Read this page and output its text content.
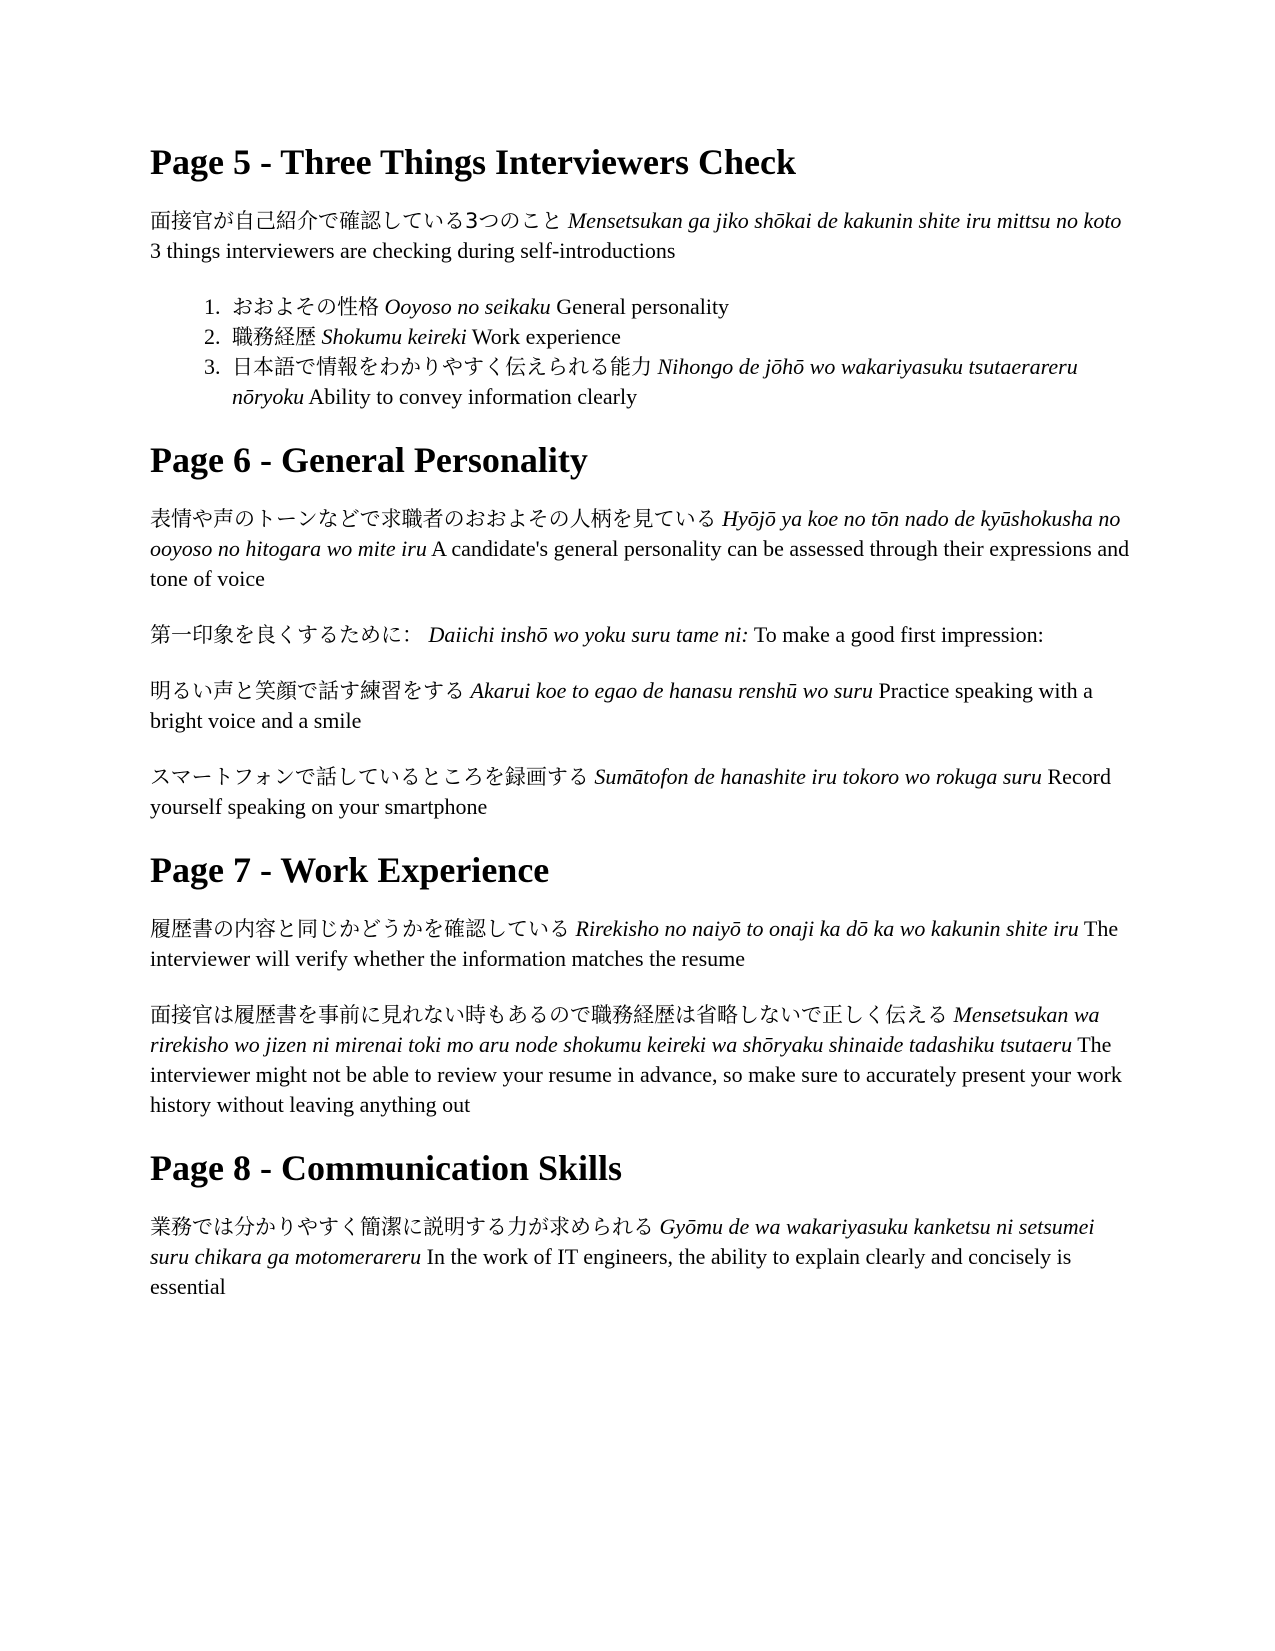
Page 5 - Three Things Interviewers Check

面接官が自己紹介で確認している3つのこと Mensetsukan ga jiko shōkai de kakunin shite iru mittsu no koto 3 things interviewers are checking during self-introductions

1. おおよその性格 Ooyoso no seikaku General personality
2. 職務経歴 Shokumu keireki Work experience
3. 日本語で情報をわかりやすく伝えられる能力 Nihongo de jōhō wo wakariyasuku tsutaerareru nōryoku Ability to convey information clearly
Page 6 - General Personality

表情や声のトーンなどで求職者のおおよその人柄を見ている Hyōjō ya koe no tōn nado de kyūshokusha no ooyoso no hitogara wo mite iru A candidate's general personality can be assessed through their expressions and tone of voice

第一印象を良くするために： Daiichi inshō wo yoku suru tame ni: To make a good first impression:

明るい声と笑顔で話す練習をする Akarui koe to egao de hanasu renshū wo suru Practice speaking with a bright voice and a smile

スマートフォンで話しているところを録画する Sumātofon de hanashite iru tokoro wo rokuga suru Record yourself speaking on your smartphone

Page 7 - Work Experience

履歴書の内容と同じかどうかを確認している Rirekisho no naiyō to onaji ka dō ka wo kakunin shite iru The interviewer will verify whether the information matches the resume

面接官は履歴書を事前に見れない時もあるので職務経歴は省略しないで正しく伝える Mensetsukan wa rirekisho wo jizen ni mirenai toki mo aru node shokumu keireki wa shōryaku shinaide tadashiku tsutaeru The interviewer might not be able to review your resume in advance, so make sure to accurately present your work history without leaving anything out

Page 8 - Communication Skills

業務では分かりやすく簡潔に説明する力が求められる Gyōmu de wa wakariyasuku kanketsu ni setsumei suru chikara ga motomerareru In the work of IT engineers, the ability to explain clearly and concisely is essential
